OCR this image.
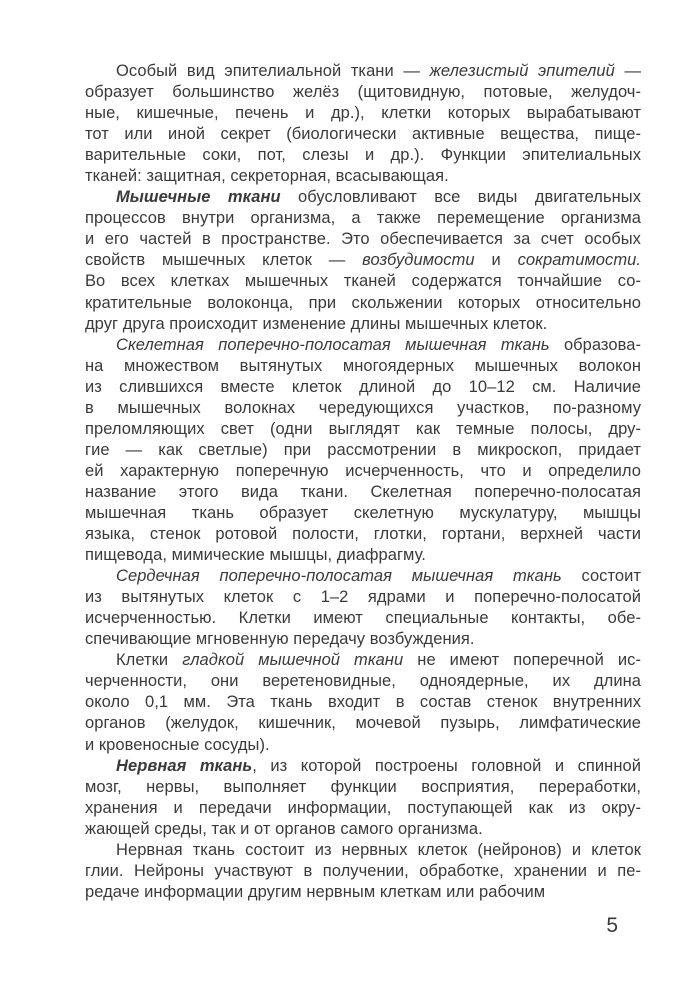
Особый вид эпителиальной ткани — железистый эпителий —
образует большинство желёз (щитовидную, потовые, желудоч-
ные, кишечные, печень и др.), клетки которых вырабатывают
тот или иной секрет (биологически активные вещества, пище-
варительные соки, пот, слезы и др.). Функции эпителиальных
тканей: защитная, секреторная, всасывающая.
Мышечные ткани обусловливают все виды двигательных
процессов внутри организма, а также перемещение организма
и его частей в пространстве. Это обеспечивается за счет особых
свойств мышечных клеток — возбудимости и сократимости.
Во всех клетках мышечных тканей содержатся тончайшие со-
кратительные волоконца, при скольжении которых относительно
друг друга происходит изменение длины мышечных клеток.
Скелетная поперечно-полосатая мышечная ткань образова-
на множеством вытянутых многоядерных мышечных волокон
из слившихся вместе клеток длиной до 10–12 см. Наличие
в мышечных волокнах чередующихся участков, по-разному
преломляющих свет (одни выглядят как темные полосы, дру-
гие — как светлые) при рассмотрении в микроскоп, придает
ей характерную поперечную исчерченность, что и определило
название этого вида ткани. Скелетная поперечно-полосатая
мышечная ткань образует скелетную мускулатуру, мышцы
языка, стенок ротовой полости, глотки, гортани, верхней части
пищевода, мимические мышцы, диафрагму.
Сердечная поперечно-полосатая мышечная ткань состоит
из вытянутых клеток с 1–2 ядрами и поперечно-полосатой
исчерченностью. Клетки имеют специальные контакты, обе-
спечивающие мгновенную передачу возбуждения.
Клетки гладкой мышечной ткани не имеют поперечной ис-
черченности, они веретеновидные, одноядерные, их длина
около 0,1 мм. Эта ткань входит в состав стенок внутренних
органов (желудок, кишечник, мочевой пузырь, лимфатические
и кровеносные сосуды).
Нервная ткань, из которой построены головной и спинной
мозг, нервы, выполняет функции восприятия, переработки,
хранения и передачи информации, поступающей как из окру-
жающей среды, так и от органов самого организма.
Нервная ткань состоит из нервных клеток (нейронов) и клеток
глии. Нейроны участвуют в получении, обработке, хранении и пе-
редаче информации другим нервным клеткам или рабочим
5
